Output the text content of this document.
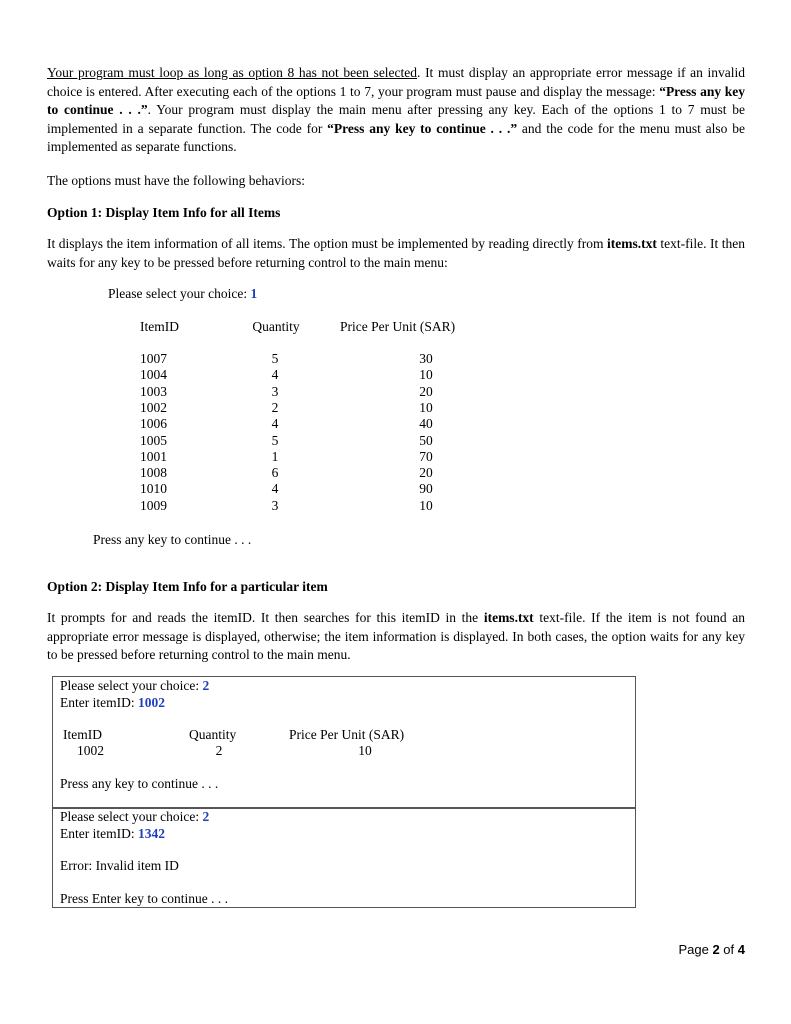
Your program must loop as long as option 8 has not been selected. It must display an appropriate error message if an invalid choice is entered. After executing each of the options 1 to 7, your program must pause and display the message: “Press any key to continue . . .”. Your program must display the main menu after pressing any key. Each of the options 1 to 7 must be implemented in a separate function. The code for “Press any key to continue . . .” and the code for the menu must also be implemented as separate functions.

The options must have the following behaviors:

Option 1: Display Item Info for all Items

It displays the item information of all items. The option must be implemented by reading directly from items.txt text-file. It then waits for any key to be pressed before returning control to the main menu:

Please select your choice: 1
ItemID	Quantity	Price Per Unit (SAR)
1007	5	30
1004	4	10
1003	3	20
1002	2	10
1006	4	40
1005	5	50
1001	1	70
1008	6	20
1010	4	90
1009	3	10
Press any key to continue . . .

Option 2: Display Item Info for a particular item

It prompts for and reads the itemID. It then searches for this itemID in the items.txt text-file. If the item is not found an appropriate error message is displayed, otherwise; the item information is displayed. In both cases, the option waits for any key to be pressed before returning control to the main menu.

Please select your choice: 2
Enter itemID: 1002
ItemID	Quantity	Price Per Unit (SAR)
1002	2	10
Press any key to continue . . .
Please select your choice: 2
Enter itemID: 1342
Error: Invalid item ID
Press Enter key to continue . . .
Page 2 of 4
